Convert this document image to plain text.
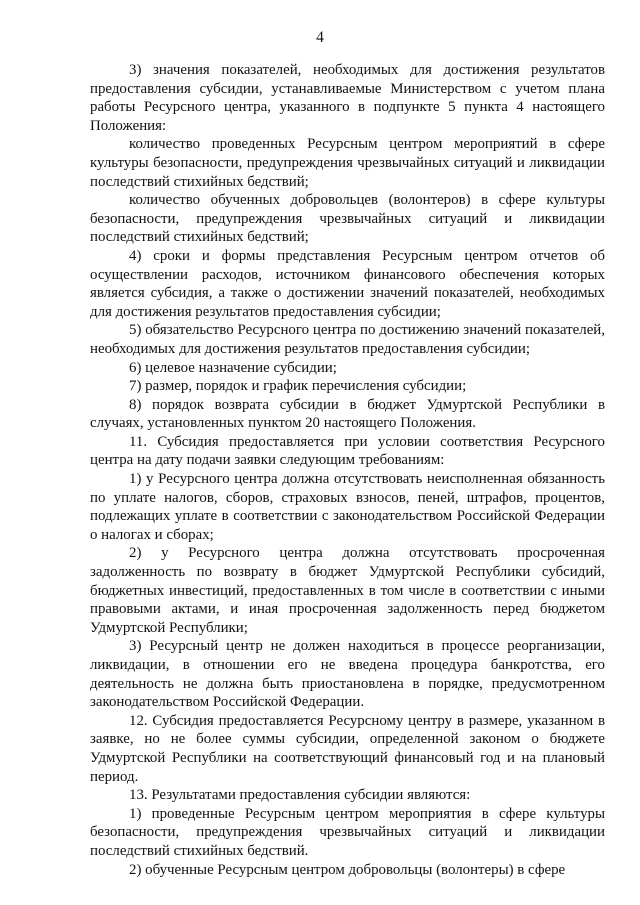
4

3) значения показателей, необходимых для достижения результатов предоставления субсидии, устанавливаемые Министерством с учетом плана работы Ресурсного центра, указанного в подпункте 5 пункта 4 настоящего Положения:

количество проведенных Ресурсным центром мероприятий в сфере культуры безопасности, предупреждения чрезвычайных ситуаций и ликвидации последствий стихийных бедствий;

количество обученных добровольцев (волонтеров) в сфере культуры безопасности, предупреждения чрезвычайных ситуаций и ликвидации последствий стихийных бедствий;

4) сроки и формы представления Ресурсным центром отчетов об осуществлении расходов, источником финансового обеспечения которых является субсидия, а также о достижении значений показателей, необходимых для достижения результатов предоставления субсидии;

5) обязательство Ресурсного центра по достижению значений показателей, необходимых для достижения результатов предоставления субсидии;

6) целевое назначение субсидии;

7) размер, порядок и график перечисления субсидии;

8) порядок возврата субсидии в бюджет Удмуртской Республики в случаях, установленных пунктом 20 настоящего Положения.

11. Субсидия предоставляется при условии соответствия Ресурсного центра на дату подачи заявки следующим требованиям:

1) у Ресурсного центра должна отсутствовать неисполненная обязанность по уплате налогов, сборов, страховых взносов, пеней, штрафов, процентов, подлежащих уплате в соответствии с законодательством Российской Федерации о налогах и сборах;

2) у Ресурсного центра должна отсутствовать просроченная задолженность по возврату в бюджет Удмуртской Республики субсидий, бюджетных инвестиций, предоставленных в том числе в соответствии с иными правовыми актами, и иная просроченная задолженность перед бюджетом Удмуртской Республики;

3) Ресурсный центр не должен находиться в процессе реорганизации, ликвидации, в отношении его не введена процедура банкротства, его деятельность не должна быть приостановлена в порядке, предусмотренном законодательством Российской Федерации.

12. Субсидия предоставляется Ресурсному центру в размере, указанном в заявке, но не более суммы субсидии, определенной законом о бюджете Удмуртской Республики на соответствующий финансовый год и на плановый период.

13. Результатами предоставления субсидии являются:

1) проведенные Ресурсным центром мероприятия в сфере культуры безопасности, предупреждения чрезвычайных ситуаций и ликвидации последствий стихийных бедствий.

2) обученные Ресурсным центром добровольцы (волонтеры) в сфере
